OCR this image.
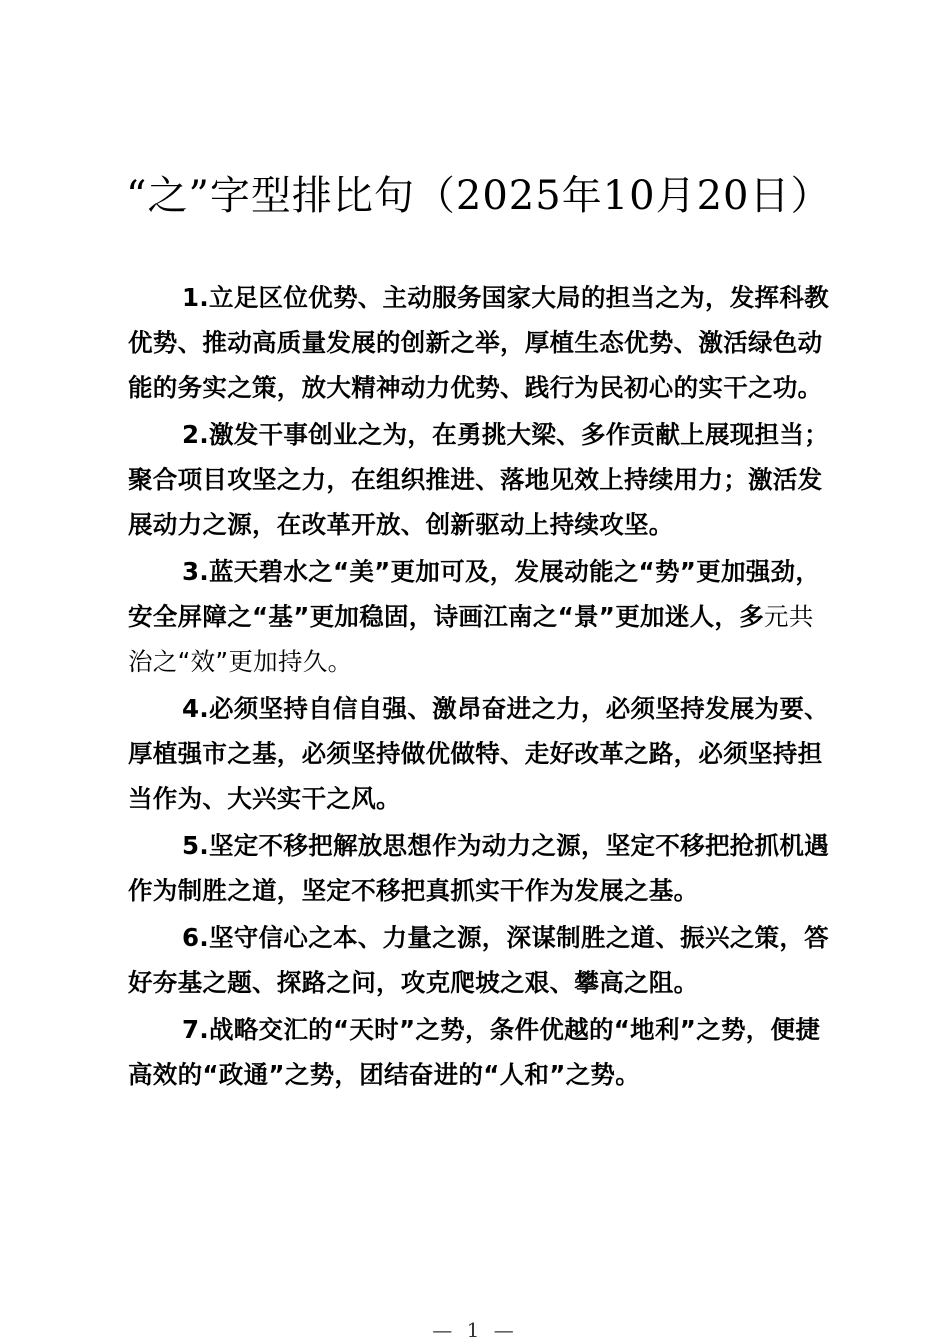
“之”字型排比句（2025年10月20日）

1.立足区位优势、主动服务国家大局的担当之为，发挥科教优势、推动高质量发展的创新之举，厚植生态优势、激活绿色动能的务实之策，放大精神动力优势、践行为民初心的实干之功。

2.激发干事创业之为，在勇挑大梁、多作贡献上展现担当；聚合项目攻坚之力，在组织推进、落地见效上持续用力；激活发展动力之源，在改革开放、创新驱动上持续攻坚。

3.蓝天碧水之“美”更加可及，发展动能之“势”更加强劲，安全屏障之“基”更加稳固，诗画江南之“景”更加迷人，多元共治之“效”更加持久。

4.必须坚持自信自强、激昂奋进之力，必须坚持发展为要、厚植强市之基，必须坚持做优做特、走好改革之路，必须坚持担当作为、大兴实干之风。

5.坚定不移把解放思想作为动力之源，坚定不移把抢抓机遇作为制胜之道，坚定不移把真抓实干作为发展之基。

6.坚守信心之本、力量之源，深谋制胜之道、振兴之策，答好夯基之题、探路之问，攻克爬坡之艰、攀高之阻。

7.战略交汇的“天时”之势，条件优越的“地利”之势，便捷高效的“政通”之势，团结奋进的“人和”之势。

— 1 —
